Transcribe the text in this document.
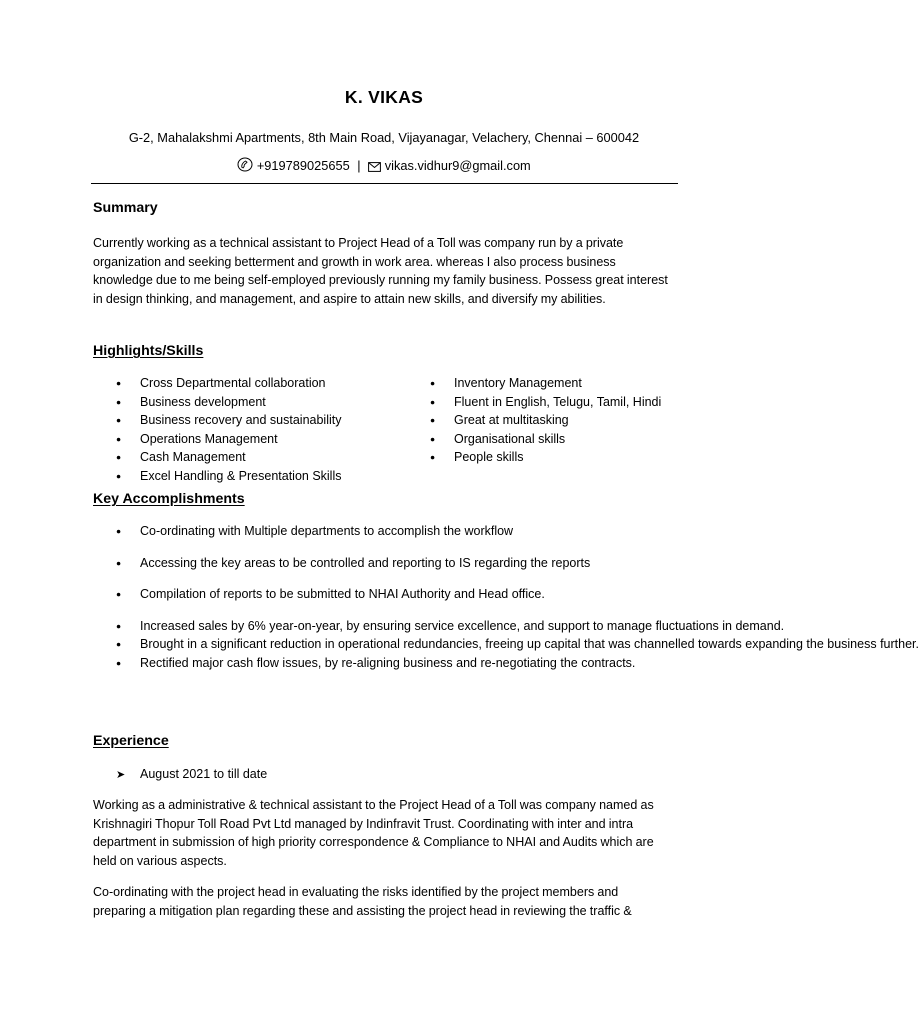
K. VIKAS

G-2, Mahalakshmi Apartments, 8th Main Road, Vijayanagar, Velachery, Chennai – 600042

+919789025655 | vikas.vidhur9@gmail.com

Summary

Currently working as a technical assistant to Project Head of a Toll was company run by a private organization and seeking betterment and growth in work area. whereas I also process business knowledge due to me being self-employed previously running my family business. Possess great interest in design thinking, and management, and aspire to attain new skills, and diversify my abilities.

Highlights/Skills
● Cross Departmental collaboration
● Business development
● Business recovery and sustainability
● Operations Management
● Cash Management
● Excel Handling & Presentation Skills
● Inventory Management
● Fluent in English, Telugu, Tamil, Hindi
● Great at multitasking
● Organisational skills
● People skills
Key Accomplishments
● Co-ordinating with Multiple departments to accomplish the workflow
● Accessing the key areas to be controlled and reporting to IS regarding the reports
● Compilation of reports to be submitted to NHAI Authority and Head office.
● Increased sales by 6% year-on-year, by ensuring service excellence, and support to manage fluctuations in demand.
● Brought in a significant reduction in operational redundancies, freeing up capital that was channelled towards expanding the business further.
● Rectified major cash flow issues, by re-aligning business and re-negotiating the contracts.
Experience

➤ August 2021 to till date

Working as a administrative & technical assistant to the Project Head of a Toll was company named as Krishnagiri Thopur Toll Road Pvt Ltd managed by Indinfravit Trust. Coordinating with inter and intra department in submission of high priority correspondence & Compliance to NHAI and Audits which are held on various aspects.

Co-ordinating with the project head in evaluating the risks identified by the project members and preparing a mitigation plan regarding these and assisting the project head in reviewing the traffic &
